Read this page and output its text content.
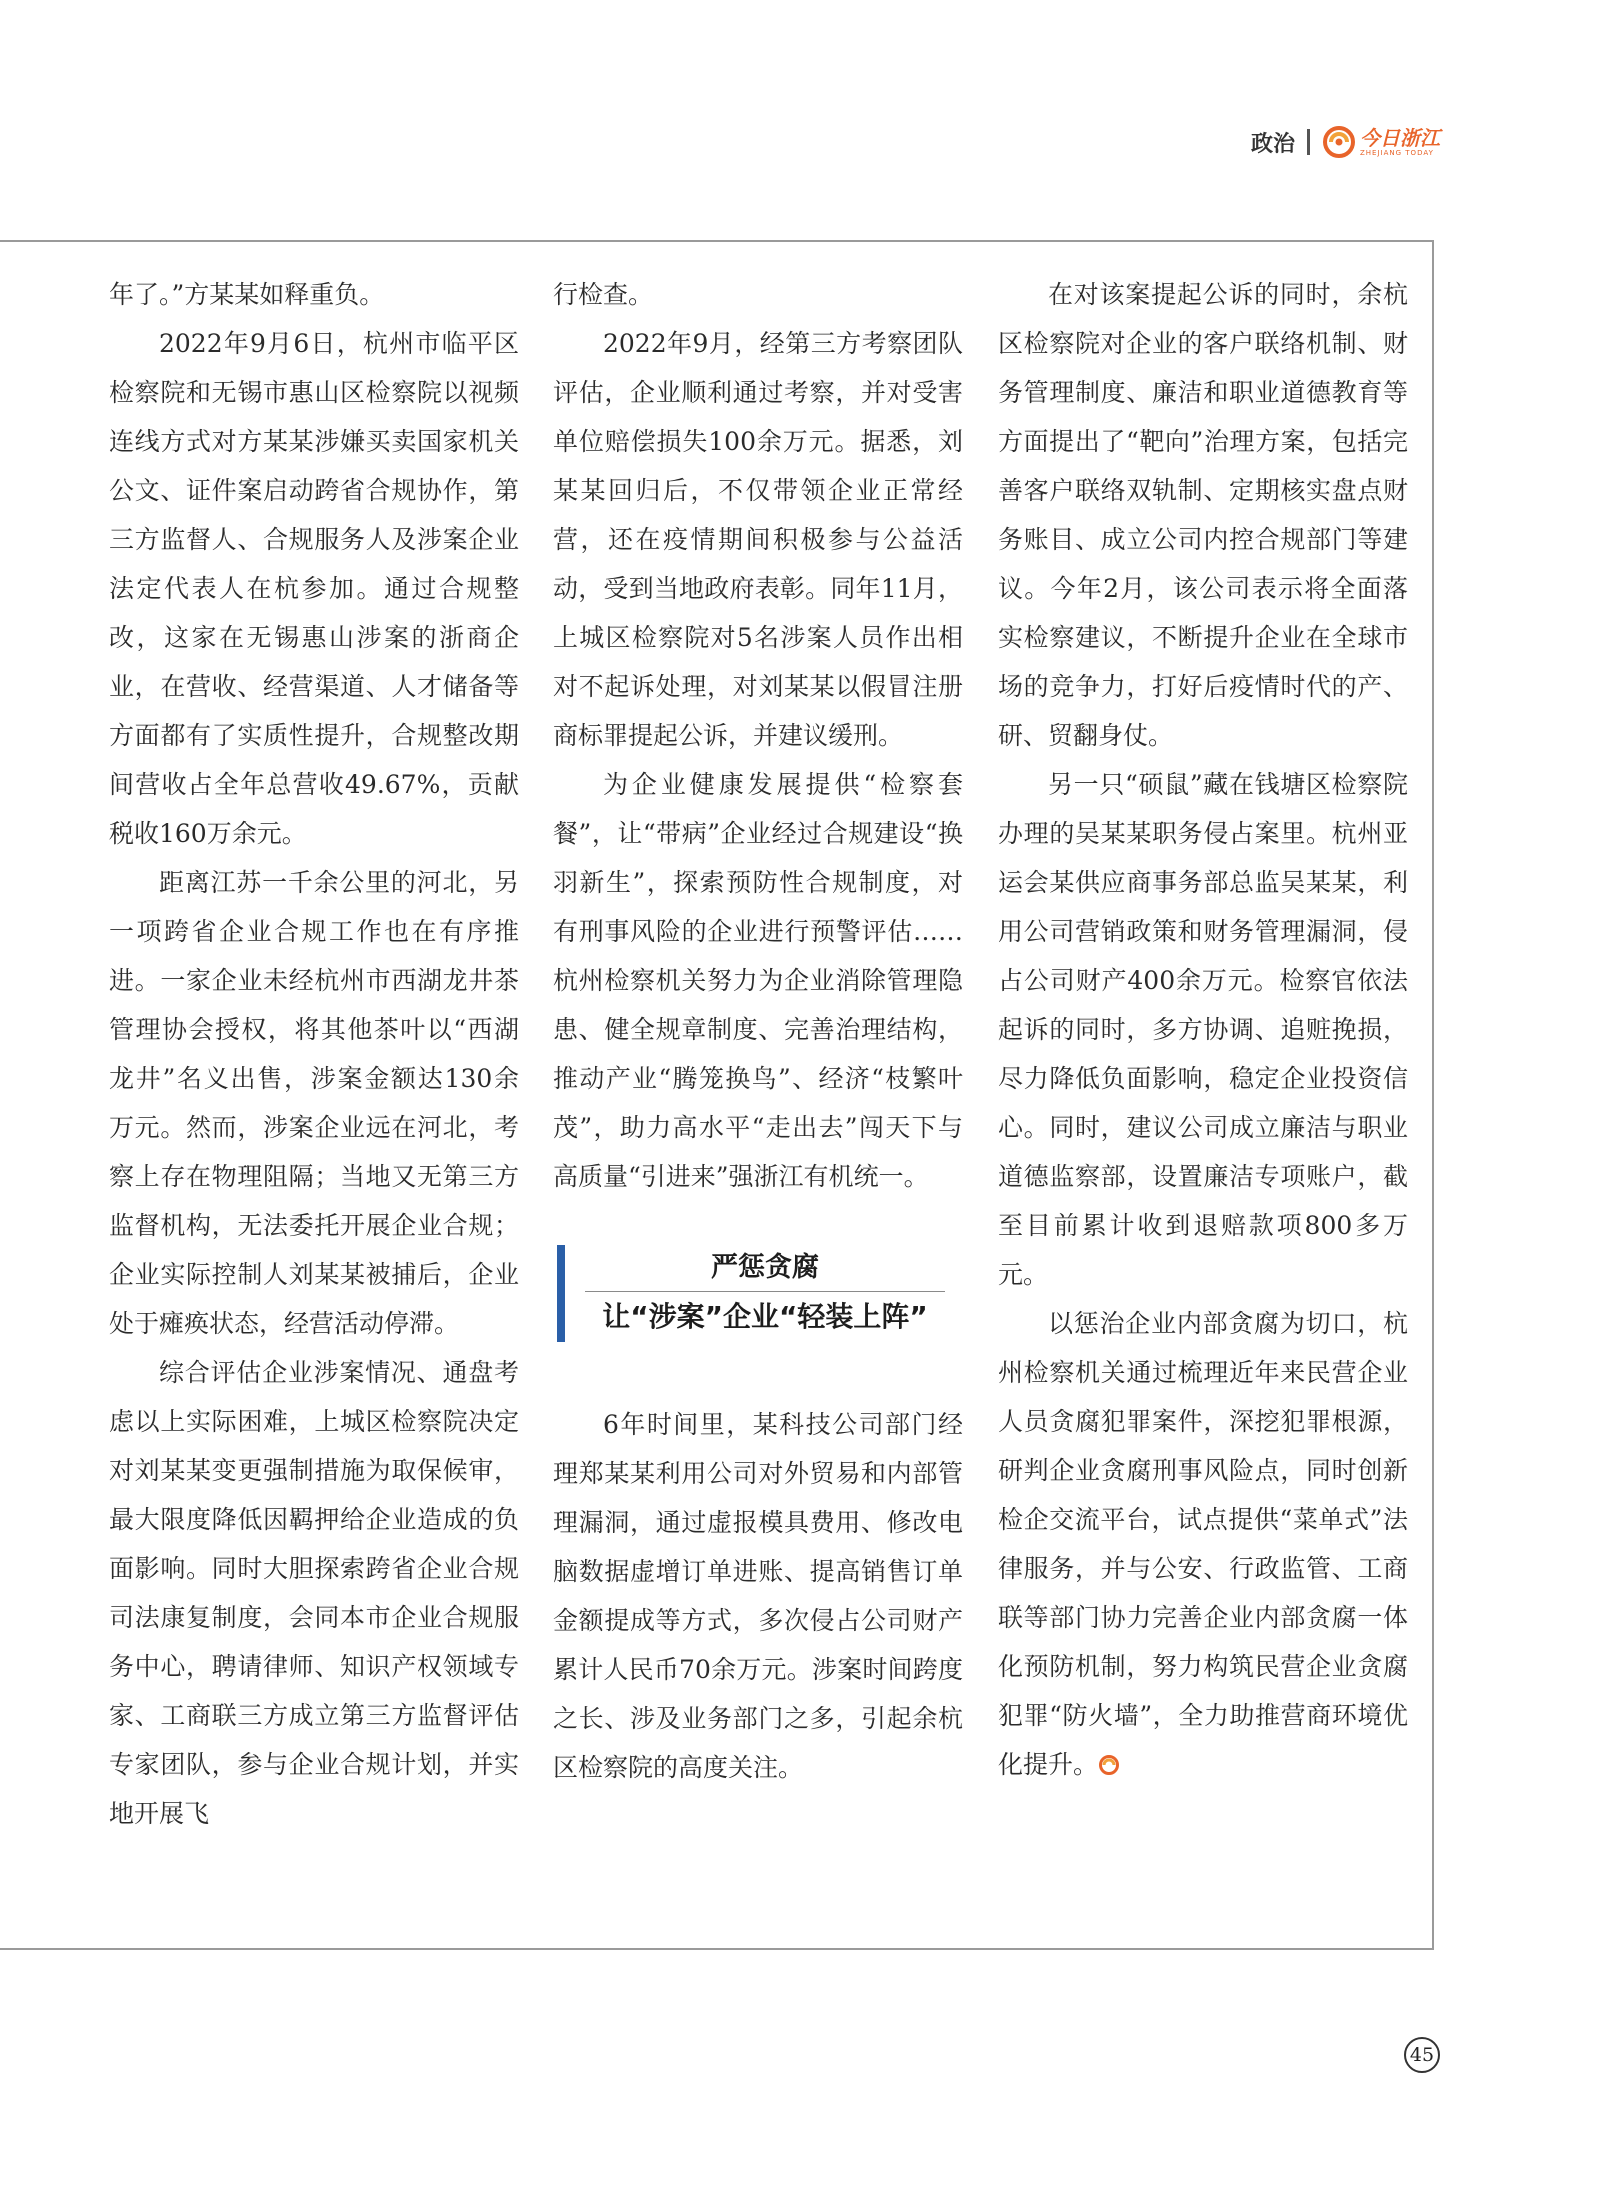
政治	今日浙江
ZHEJIANG TODAY

年了。”方某某如释重负。

2022年9月6日，杭州市临平区检察院和无锡市惠山区检察院以视频连线方式对方某某涉嫌买卖国家机关公文、证件案启动跨省合规协作，第三方监督人、合规服务人及涉案企业法定代表人在杭参加。通过合规整改，这家在无锡惠山涉案的浙商企业，在营收、经营渠道、人才储备等方面都有了实质性提升，合规整改期间营收占全年总营收49.67%，贡献税收160万余元。

距离江苏一千余公里的河北，另一项跨省企业合规工作也在有序推进。一家企业未经杭州市西湖龙井茶管理协会授权，将其他茶叶以“西湖龙井”名义出售，涉案金额达130余万元。然而，涉案企业远在河北，考察上存在物理阻隔；当地又无第三方监督机构，无法委托开展企业合规；企业实际控制人刘某某被捕后，企业处于瘫痪状态，经营活动停滞。

综合评估企业涉案情况、通盘考虑以上实际困难，上城区检察院决定对刘某某变更强制措施为取保候审，最大限度降低因羁押给企业造成的负面影响。同时大胆探索跨省企业合规司法康复制度，会同本市企业合规服务中心，聘请律师、知识产权领域专家、工商联三方成立第三方监督评估专家团队，参与企业合规计划，并实地开展飞

行检查。

2022年9月，经第三方考察团队评估，企业顺利通过考察，并对受害单位赔偿损失100余万元。据悉，刘某某回归后，不仅带领企业正常经营，还在疫情期间积极参与公益活动，受到当地政府表彰。同年11月，上城区检察院对5名涉案人员作出相对不起诉处理，对刘某某以假冒注册商标罪提起公诉，并建议缓刑。

为企业健康发展提供“检察套餐”，让“带病”企业经过合规建设“换羽新生”，探索预防性合规制度，对有刑事风险的企业进行预警评估……杭州检察机关努力为企业消除管理隐患、健全规章制度、完善治理结构，推动产业“腾笼换鸟”、经济“枝繁叶茂”，助力高水平“走出去”闯天下与高质量“引进来”强浙江有机统一。

严惩贪腐
让“涉案”企业“轻装上阵”

6年时间里，某科技公司部门经理郑某某利用公司对外贸易和内部管理漏洞，通过虚报模具费用、修改电脑数据虚增订单进账、提高销售订单金额提成等方式，多次侵占公司财产累计人民币70余万元。涉案时间跨度之长、涉及业务部门之多，引起余杭区检察院的高度关注。

在对该案提起公诉的同时，余杭区检察院对企业的客户联络机制、财务管理制度、廉洁和职业道德教育等方面提出了“靶向”治理方案，包括完善客户联络双轨制、定期核实盘点财务账目、成立公司内控合规部门等建议。今年2月，该公司表示将全面落实检察建议，不断提升企业在全球市场的竞争力，打好后疫情时代的产、研、贸翻身仗。

另一只“硕鼠”藏在钱塘区检察院办理的吴某某职务侵占案里。杭州亚运会某供应商事务部总监吴某某，利用公司营销政策和财务管理漏洞，侵占公司财产400余万元。检察官依法起诉的同时，多方协调、追赃挽损，尽力降低负面影响，稳定企业投资信心。同时，建议公司成立廉洁与职业道德监察部，设置廉洁专项账户，截至目前累计收到退赔款项800多万元。

以惩治企业内部贪腐为切口，杭州检察机关通过梳理近年来民营企业人员贪腐犯罪案件，深挖犯罪根源，研判企业贪腐刑事风险点，同时创新检企交流平台，试点提供“菜单式”法律服务，并与公安、行政监管、工商联等部门协力完善企业内部贪腐一体化预防机制，努力构筑民营企业贪腐犯罪“防火墙”，全力助推营商环境优化提升。

45
